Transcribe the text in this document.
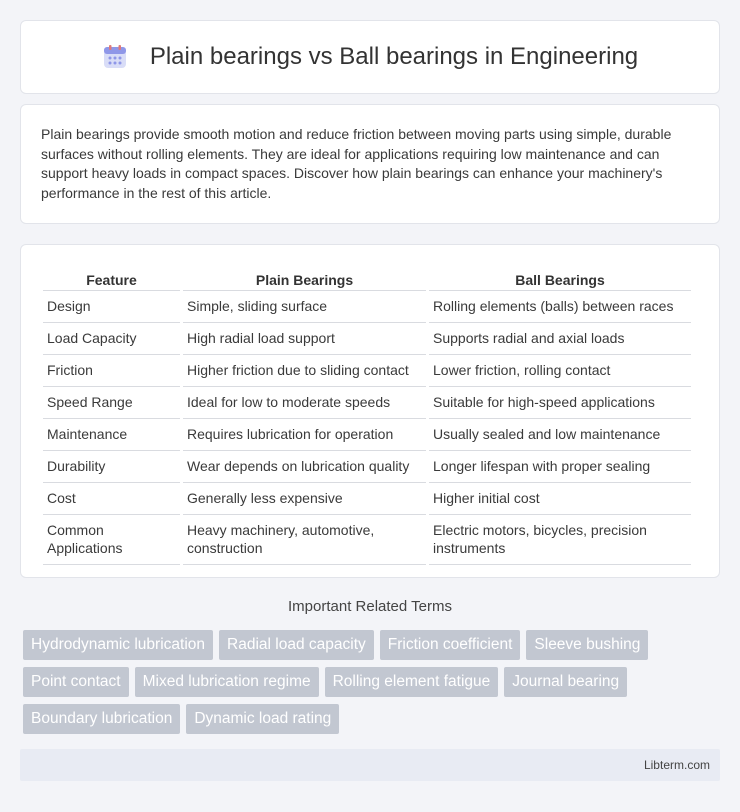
Plain bearings vs Ball bearings in Engineering

Plain bearings provide smooth motion and reduce friction between moving parts using simple, durable surfaces without rolling elements. They are ideal for applications requiring low maintenance and can support heavy loads in compact spaces. Discover how plain bearings can enhance your machinery's performance in the rest of this article.

Feature	Plain Bearings	Ball Bearings
Design	Simple, sliding surface	Rolling elements (balls) between races
Load Capacity	High radial load support	Supports radial and axial loads
Friction	Higher friction due to sliding contact	Lower friction, rolling contact
Speed Range	Ideal for low to moderate speeds	Suitable for high-speed applications
Maintenance	Requires lubrication for operation	Usually sealed and low maintenance
Durability	Wear depends on lubrication quality	Longer lifespan with proper sealing
Cost	Generally less expensive	Higher initial cost
Common Applications	Heavy machinery, automotive, construction	Electric motors, bicycles, precision instruments
Important Related Terms
Hydrodynamic lubrication	Radial load capacity	Friction coefficient	Sleeve bushing
Point contact	Mixed lubrication regime	Rolling element fatigue	Journal bearing
Boundary lubrication	Dynamic load rating
Libterm.com
